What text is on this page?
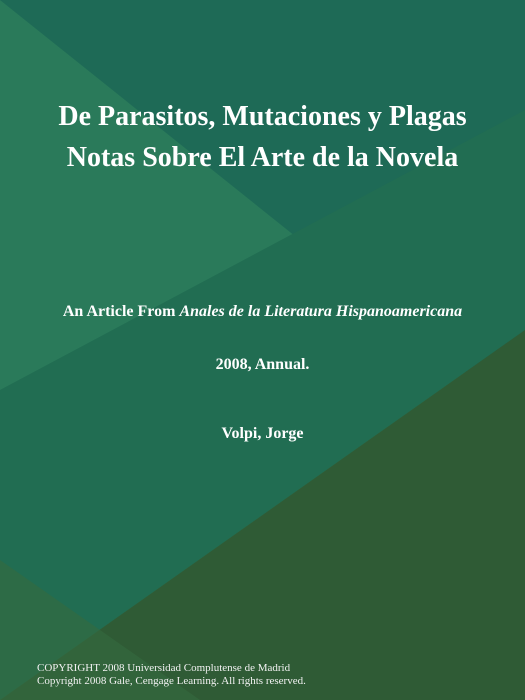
De Parasitos, Mutaciones y Plagas
Notas Sobre El Arte de la Novela
An Article From Anales de la Literatura Hispanoamericana
2008, Annual.
Volpi, Jorge
COPYRIGHT 2008 Universidad Complutense de Madrid
Copyright 2008 Gale, Cengage Learning. All rights reserved.
